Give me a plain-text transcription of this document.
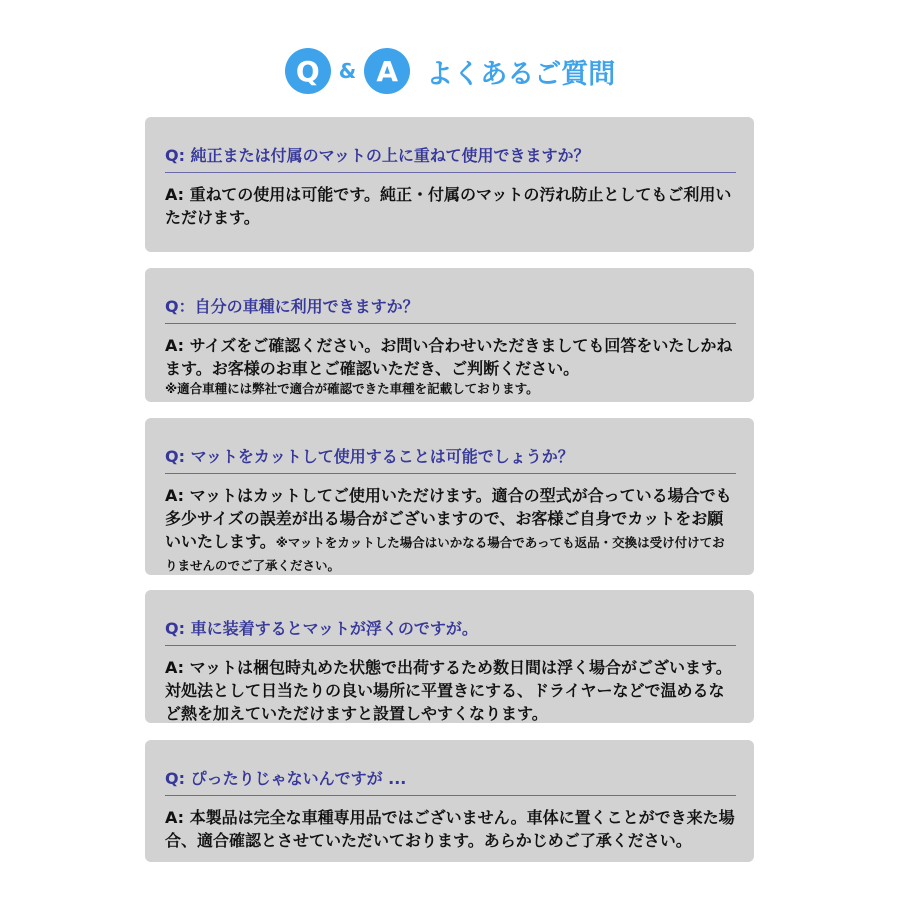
Q & A	よくあるご質問
Q: 純正または付属のマットの上に重ねて使用できますか？
A: 重ねての使用は可能です。純正・付属のマットの汚れ防止としてもご利用いただけます。
Q：自分の車種に利用できますか？
A: サイズをご確認ください。お問い合わせいただきましても回答をいたしかねます。お客様のお車とご確認いただき、ご判断ください。
※適合車種には弊社で適合が確認できた車種を記載しております。
Q: マットをカットして使用することは可能でしょうか？
A: マットはカットしてご使用いただけます。適合の型式が合っている場合でも多少サイズの誤差が出る場合がございますので、お客様ご自身でカットをお願いいたします。※マットをカットした場合はいかなる場合であっても返品・交換は受け付けておりませんのでご了承ください。
Q: 車に装着するとマットが浮くのですが。
A: マットは梱包時丸めた状態で出荷するため数日間は浮く場合がございます。対処法として日当たりの良い場所に平置きにする、ドライヤーなどで温めるなど熱を加えていただけますと設置しやすくなります。
Q: ぴったりじゃないんですが ...
A: 本製品は完全な車種専用品ではございません。車体に置くことができ来た場合、適合確認とさせていただいております。あらかじめご了承ください。
